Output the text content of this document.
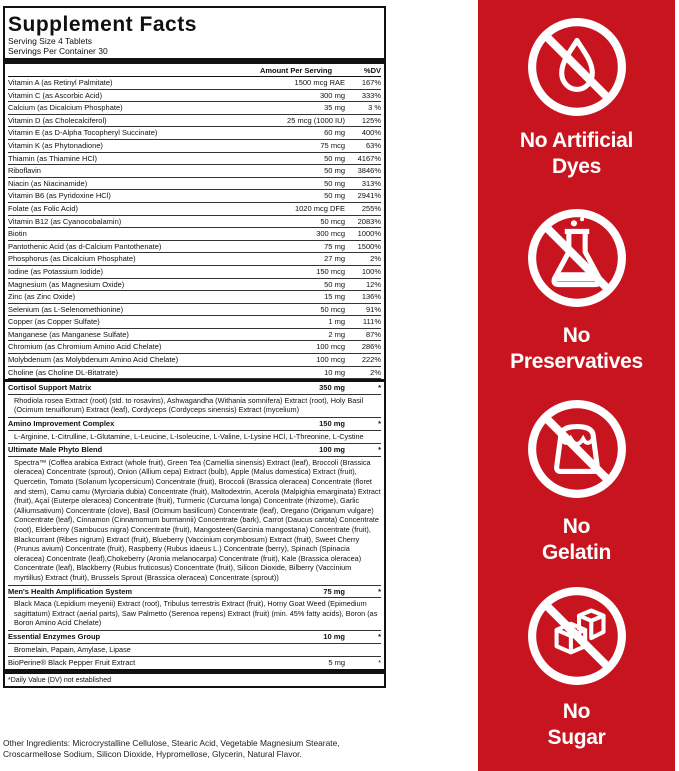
Supplement Facts
Serving Size 4 Tablets
Servings Per Container 30
Amount Per Serving	%DV
Vitamin A (as Retinyl Palmitate)	1500 mcg RAE	167%
Vitamin C (as Ascorbic Acid)	300 mg	333%
Calcium (as Dicalcium Phosphate)	35 mg	3 %
Vitamin D (as Cholecalciferol)	25 mcg (1000 IU)	125%
Vitamin E (as D-Alpha Tocopheryl Succinate)	60 mg	400%
Vitamin K (as Phytonadione)	75 mcg	63%
Thiamin (as Thiamine HCl)	50 mg	4167%
Riboflavin	50 mg	3846%
Niacin (as Niacinamide)	50 mg	313%
Vitamin B6 (as Pyridoxine HCl)	50 mg	2941%
Folate (as Folic Acid)	1020 mcg DFE	255%
Vitamin B12 (as Cyanocobalamin)	50 mcg	2083%
Biotin	300 mcg	1000%
Pantothenic Acid (as d-Calcium Pantothenate)	75 mg	1500%
Phosphorus (as Dicalcium Phosphate)	27 mg	2%
Iodine (as Potassium Iodide)	150 mcg	100%
Magnesium (as Magnesium Oxide)	50 mg	12%
Zinc (as Zinc Oxide)	15 mg	136%
Selenium (as L-Selenomethionine)	50 mcg	91%
Copper (as Copper Sulfate)	1 mg	111%
Manganese (as Manganese Sulfate)	2 mg	87%
Chromium (as Chromium Amino Acid Chelate)	100 mcg	286%
Molybdenum (as Molybdenum Amino Acid Chelate)	100 mcg	222%
Choline (as Choline DL-Bitatrate)	10 mg	2%
Cortisol Support Matrix	350 mg	*
Rhodiola rosea Extract (root) (std. to rosavins), Ashwagandha (Withania somnifera) Extract (root), Holy Basil (Ocimum tenuiflorum) Extract (leaf), Cordyceps (Cordyceps sinensis) Extract (mycelium)
Amino Improvement Complex	150 mg	*
L-Arginine, L-Citrulline, L-Glutamine, L-Leucine, L-Isoleucine, L-Valine, L-Lysine HCl, L-Threonine, L-Cystine
Ultimate Male Phyto Blend	100 mg	*
Spectra™ (Coffea arabica Extract (whole fruit), Green Tea (Camellia sinensis) Extract (leaf), Broccoli (Brassica oleracea) Concentrate (sprout), Onion (Allium cepa) Extract (bulb), Apple (Malus domestica) Extract (fruit), Quercetin, Tomato (Solanum lycopersicum) Concentrate (fruit), Broccoli (Brassica oleracea) Concentrate (floret and stem), Camu camu (Myrciaria dubia) Concentrate (fruit), Maltodextrin, Acerola (Malpighia emarginata) Extract (fruit), Açaí (Euterpe oleracea) Concentrate (fruit), Turmeric (Curcuma longa) Concentrate (rhizome), Garlic (Alliumsativum) Concentrate (clove), Basil (Ocimum basilicum) Concentrate (leaf), Oregano (Origanum vulgare) Concentrate (leaf), Cinnamon (Cinnamomum burmannii) Concentrate (bark), Carrot (Daucus carota) Concentrate (root), Elderberry (Sambucus nigra) Concentrate (fruit), Mangosteen(Garcinia mangostana) Concentrate (fruit), Blackcurrant (Ribes nigrum) Extract (fruit), Blueberry (Vaccinium corymbosum) Extract (fruit), Sweet Cherry (Prunus avium) Concentrate (fruit), Raspberry (Rubus idaeus L.) Concentrate (berry), Spinach (Spinacia oleracea) Concentrate (leaf),Chokeberry (Aronia melanocarpa) Concentrate (fruit), Kale (Brassica oleracea) Concentrate (leaf), Blackberry (Rubus fruticosus) Concentrate (fruit), Silicon Dioxide, Bilberry (Vaccinium myrtillus) Extract (fruit), Brussels Sprout (Brassica oleracea) Concentrate (sprout))
Men's Health Amplification System	75 mg	*
Black Maca (Lepidium meyenii) Extract (root), Tribulus terrestris Extract (fruit), Horny Goat Weed (Epimedium sagittatum) Extract (aerial parts), Saw Palmetto (Serenoa repens) Extract (fruit) (min. 45% fatty acids), Boron (as Boron Amino Acid Chelate)
Essential Enzymes Group	10 mg	*
Bromelain, Papain, Amylase, Lipase
BioPerine® Black Pepper Fruit Extract	5 mg	*
*Daily Value (DV) not established
Other Ingredients: Microcrystalline Cellulose, Stearic Acid, Vegetable Magnesium Stearate, Croscarmellose Sodium, Silicon Dioxide, Hypromellose, Glycerin, Natural Flavor.
No Artificial
Dyes
No
Preservatives
No
Gelatin
No
Sugar
